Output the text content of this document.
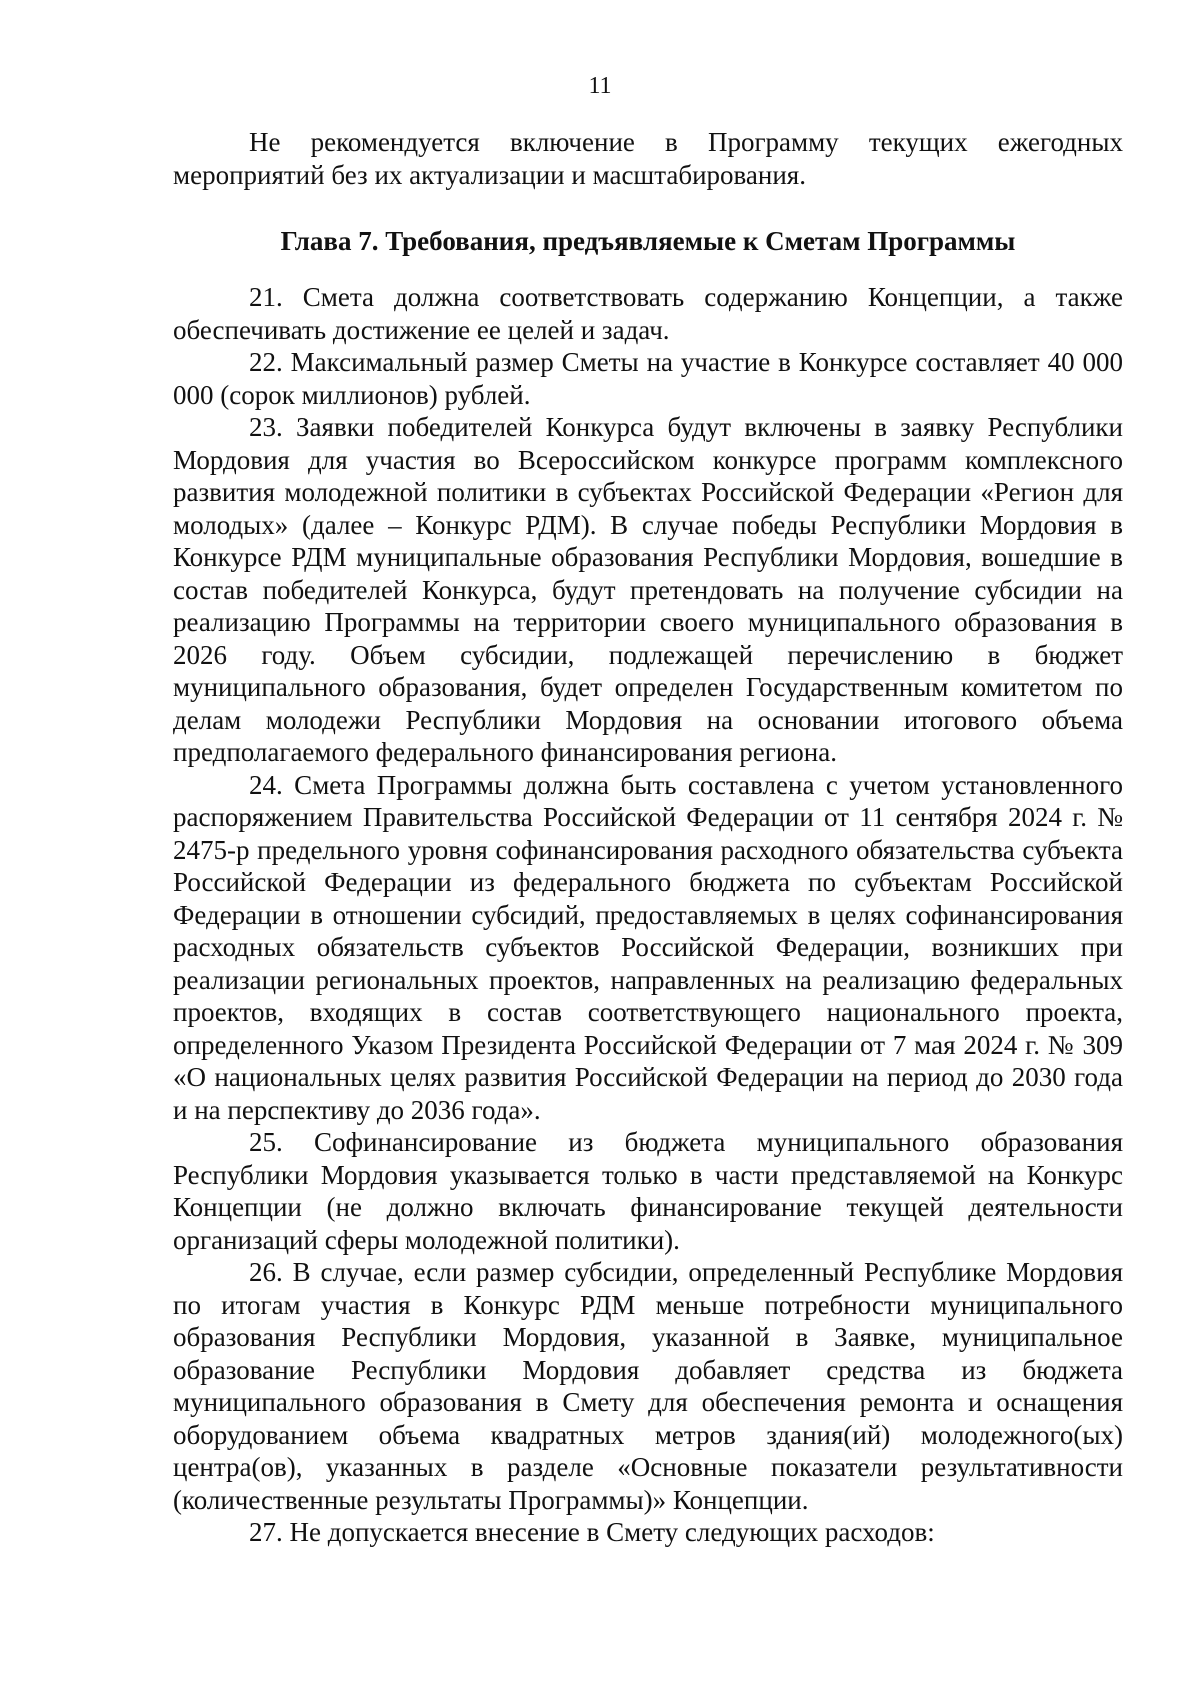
11

Не рекомендуется включение в Программу текущих ежегодных мероприятий без их актуализации и масштабирования.

Глава 7. Требования, предъявляемые к Сметам Программы

21. Смета должна соответствовать содержанию Концепции, а также обеспечивать достижение ее целей и задач.

22. Максимальный размер Сметы на участие в Конкурсе составляет 40 000 000 (сорок миллионов) рублей.

23. Заявки победителей Конкурса будут включены в заявку Республики Мордовия для участия во Всероссийском конкурсе программ комплексного развития молодежной политики в субъектах Российской Федерации «Регион для молодых» (далее – Конкурс РДМ). В случае победы Республики Мордовия в Конкурсе РДМ муниципальные образования Республики Мордовия, вошедшие в состав победителей Конкурса, будут претендовать на получение субсидии на реализацию Программы на территории своего муниципального образования в 2026 году. Объем субсидии, подлежащей перечислению в бюджет муниципального образования, будет определен Государственным комитетом по делам молодежи Республики Мордовия на основании итогового объема предполагаемого федерального финансирования региона.

24. Смета Программы должна быть составлена с учетом установленного распоряжением Правительства Российской Федерации от 11 сентября 2024 г. № 2475-р предельного уровня софинансирования расходного обязательства субъекта Российской Федерации из федерального бюджета по субъектам Российской Федерации в отношении субсидий, предоставляемых в целях софинансирования расходных обязательств субъектов Российской Федерации, возникших при реализации региональных проектов, направленных на реализацию федеральных проектов, входящих в состав соответствующего национального проекта, определенного Указом Президента Российской Федерации от 7 мая 2024 г. № 309 «О национальных целях развития Российской Федерации на период до 2030 года и на перспективу до 2036 года».

25. Софинансирование из бюджета муниципального образования Республики Мордовия указывается только в части представляемой на Конкурс Концепции (не должно включать финансирование текущей деятельности организаций сферы молодежной политики).

26. В случае, если размер субсидии, определенный Республике Мордовия по итогам участия в Конкурс РДМ меньше потребности муниципального образования Республики Мордовия, указанной в Заявке, муниципальное образование Республики Мордовия добавляет средства из бюджета муниципального образования в Смету для обеспечения ремонта и оснащения оборудованием объема квадратных метров здания(ий) молодежного(ых) центра(ов), указанных в разделе «Основные показатели результативности (количественные результаты Программы)» Концепции.

27. Не допускается внесение в Смету следующих расходов:
